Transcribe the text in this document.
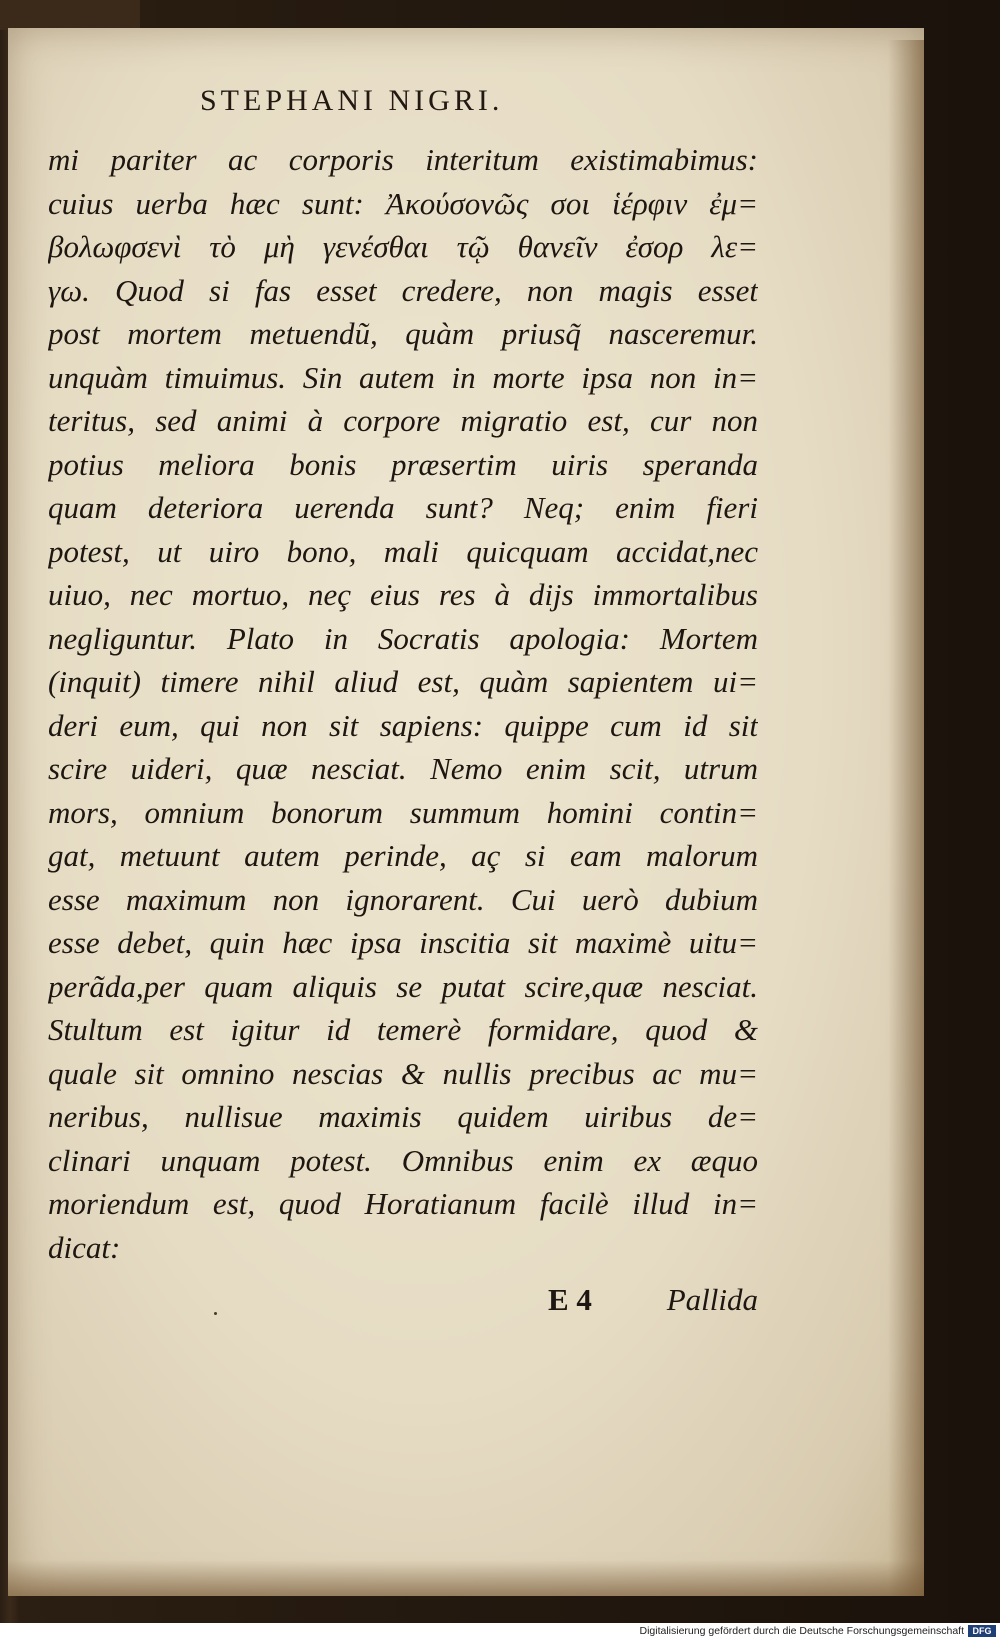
STEPHANI NIGRI.
mi pariter ac corporis interitum existimabimus:
cuius uerba hæc sunt: Ἀκούσονῶς σοι ἱέρφιν ἐμ=
βολωφσενὶ τὸ μὴ γενέσθαι τῷ θανεῖν ἐσορ λε=
γω. Quod si fas esset credere, non magis esset
post mortem metuendũ, quàm priusq̃ nasceremur.
unquàm timuimus. Sin autem in morte ipsa non in=
teritus, sed animi à corpore migratio est, cur non
potius meliora bonis præsertim uiris speranda
quam deteriora uerenda sunt? Neq; enim fieri
potest, ut uiro bono, mali quicquam accidat,nec
uiuo, nec mortuo, neç eius res à dijs immortalibus
negliguntur. Plato in Socratis apologia: Mortem
(inquit) timere nihil aliud est, quàm sapientem ui=
deri eum, qui non sit sapiens: quippe cum id sit
scire uideri, quæ nesciat. Nemo enim scit, utrum
mors, omnium bonorum summum homini contin=
gat, metuunt autem perinde, aç si eam malorum
esse maximum non ignorarent. Cui uerò dubium
esse debet, quin hæc ipsa inscitia sit maximè uitu=
perãda,per quam aliquis se putat scire,quæ nesciat.
Stultum est igitur id temerè formidare, quod &
quale sit omnino nescias & nullis precibus ac mu=
neribus, nullisue maximis quidem uiribus de=
clinari unquam potest. Omnibus enim ex æquo
moriendum est, quod Horatianum facilè illud in=
dicat:
E 4 Pallida
Digitalisierung gefördert durch die Deutsche Forschungsgemeinschaft DFG
